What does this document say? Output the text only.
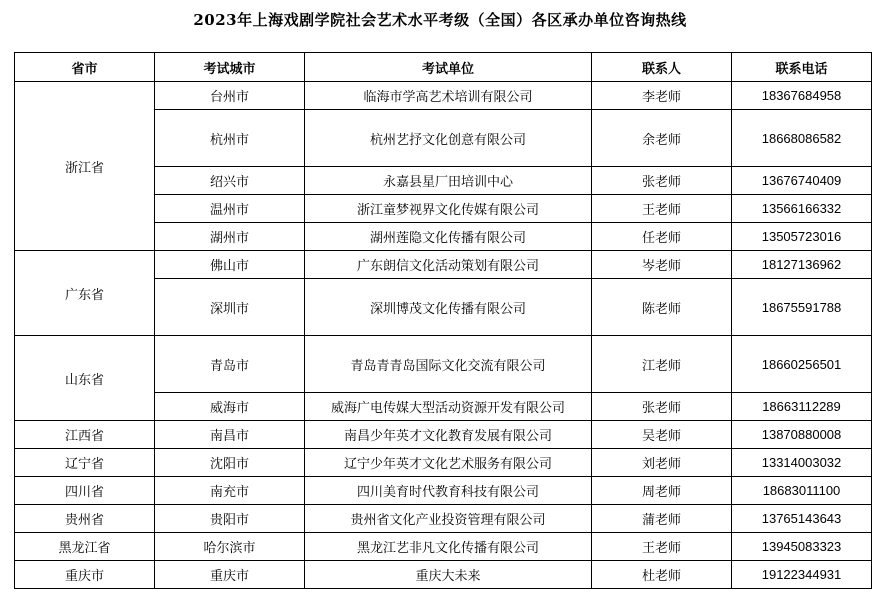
2023年上海戏剧学院社会艺术水平考级（全国）各区承办单位咨询热线
省市	考试城市	考试单位	联系人	联系电话
浙江省	台州市	临海市学高艺术培训有限公司	李老师	18367684958
	杭州市	杭州艺抒文化创意有限公司	余老师	18668086582
	绍兴市	永嘉县星厂田培训中心	张老师	13676740409
	温州市	浙江童梦视界文化传媒有限公司	王老师	13566166332
	湖州市	湖州莲隐文化传播有限公司	任老师	13505723016
广东省	佛山市	广东朗信文化活动策划有限公司	岑老师	18127136962
	深圳市	深圳博茂文化传播有限公司	陈老师	18675591788
山东省	青岛市	青岛青青岛国际文化交流有限公司	江老师	18660256501
	威海市	威海广电传媒大型活动资源开发有限公司	张老师	18663112289
江西省	南昌市	南昌少年英才文化教育发展有限公司	吴老师	13870880008
辽宁省	沈阳市	辽宁少年英才文化艺术服务有限公司	刘老师	13314003032
四川省	南充市	四川美育时代教育科技有限公司	周老师	18683011100
贵州省	贵阳市	贵州省文化产业投资管理有限公司	蒲老师	13765143643
黑龙江省	哈尔滨市	黑龙江艺非凡文化传播有限公司	王老师	13945083323
重庆市	重庆市	重庆大未来	杜老师	19122344931
